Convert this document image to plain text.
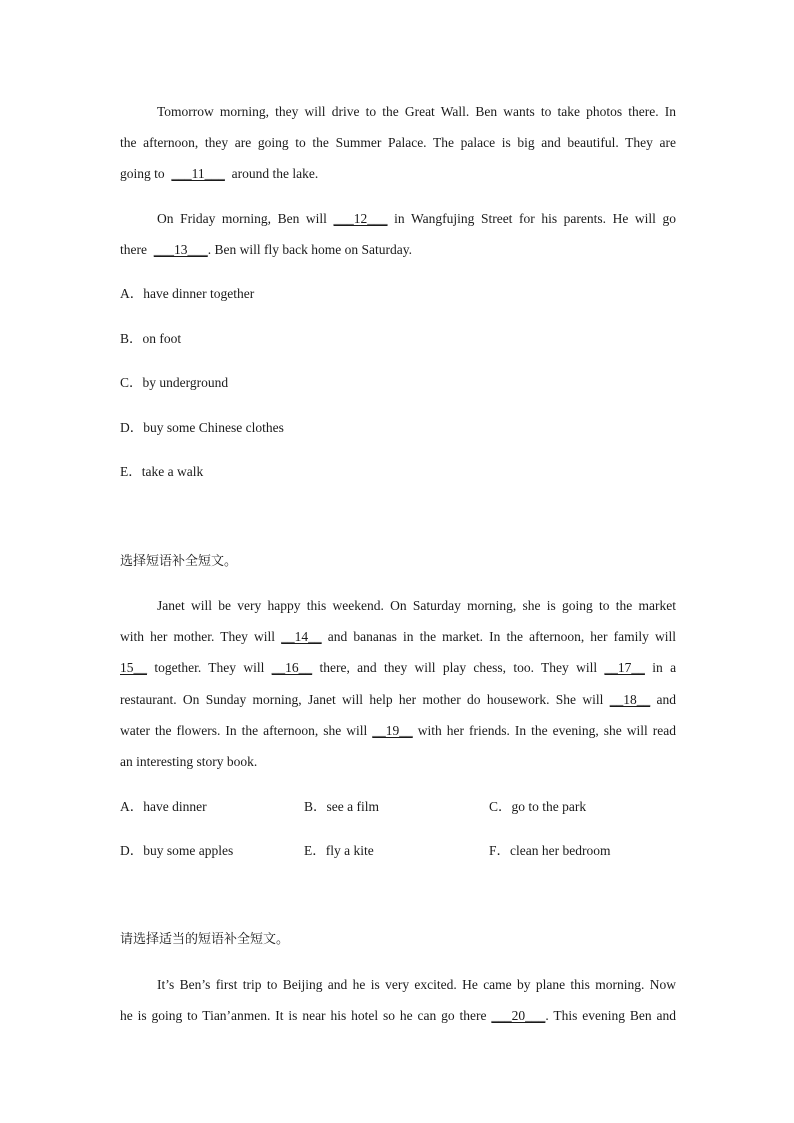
Tomorrow morning, they will drive to the Great Wall. Ben wants to take photos there. In
the afternoon, they are going to the Summer Palace. The palace is big and beautiful. They are
going to ___11___ around the lake.
On Friday morning, Ben will ___12___ in Wangfujing Street for his parents. He will go
there ___13___. Ben will fly back home on Saturday.
A．have dinner together
B．on foot
C．by underground
D．buy some Chinese clothes
E．take a walk
选择短语补全短文。
Janet will be very happy this weekend. On Saturday morning, she is going to the market
with her mother. They will __14__ and bananas in the market. In the afternoon, her family will
15__ together. They will __16__ there, and they will play chess, too. They will __17__ in a
restaurant. On Sunday morning, Janet will help her mother do housework. She will __18__ and
water the flowers. In the afternoon, she will __19__ with her friends. In the evening, she will read
an interesting story book.
A．have dinner	B．see a film	C．go to the park
D．buy some apples	E．fly a kite	F．clean her bedroom
请选择适当的短语补全短文。
It’s Ben’s first trip to Beijing and he is very excited. He came by plane this morning. Now
he is going to Tian’anmen. It is near his hotel so he can go there ___20___. This evening Ben and
